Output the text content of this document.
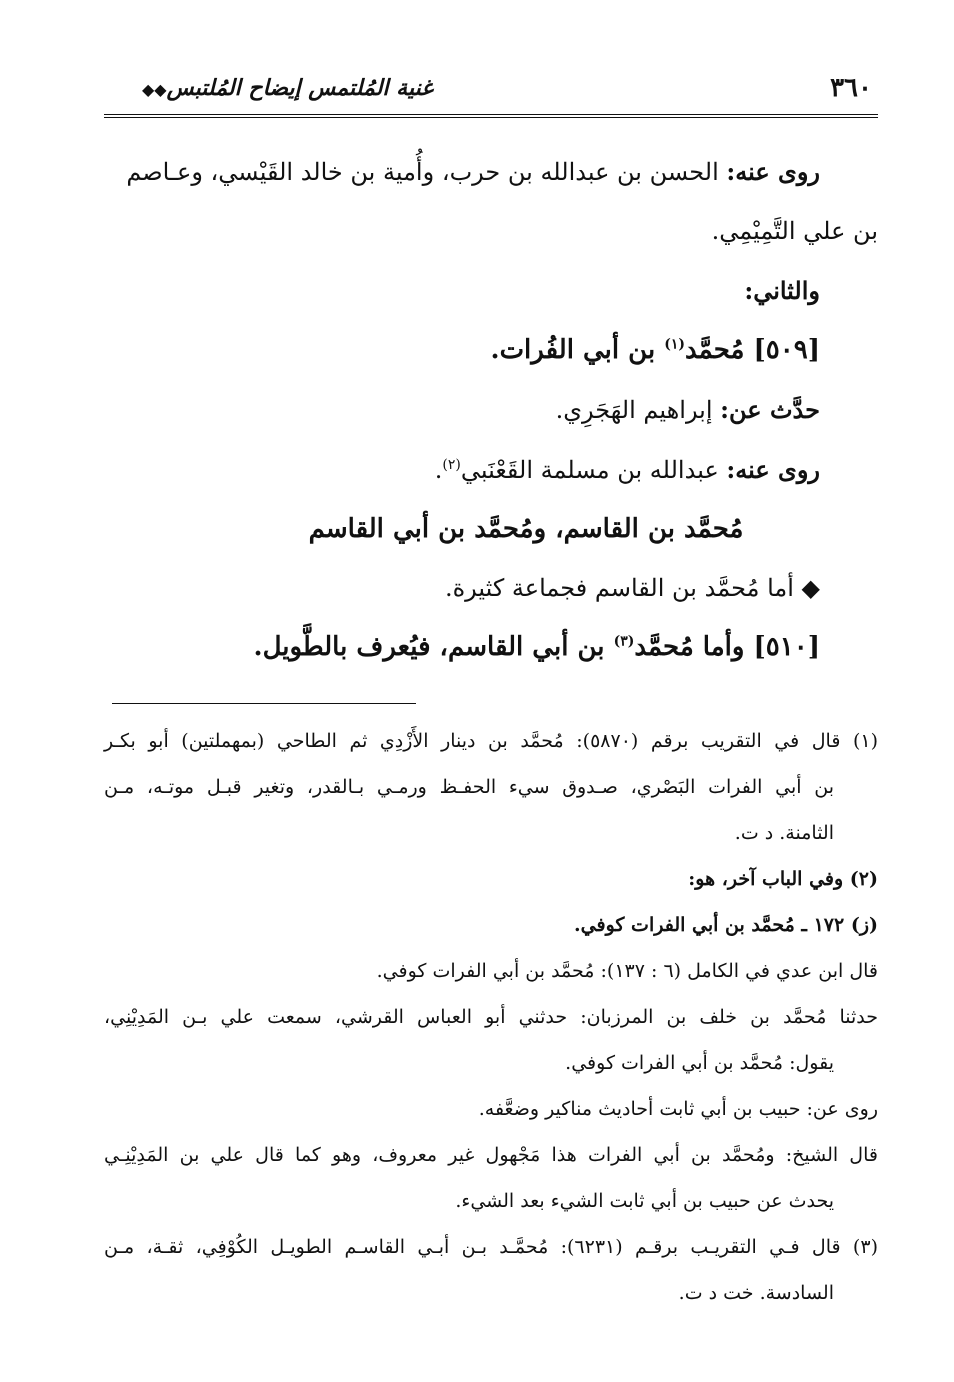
٣٦٠
غنية المُلتمس إيضاح المُلتبس◆◆
روى عنه: الحسن بن عبدالله بن حرب، وأُمية بن خالد القَيْسي، وعـاصم
بن علي التَّمِيْمِي.
والثاني:
[٥٠٩] مُحمَّد$^{(١)}$ بن أبي الفُرات.
حدَّث عن: إبراهيم الهَجَرِي.
روى عنه: عبدالله بن مسلمة القَعْنَبي$^{(٢)}$.
مُحمَّد بن القاسم، ومُحمَّد بن أبي القاسم
◆ أما مُحمَّد بن القاسم فجماعة كثيرة.
[٥١٠] وأما مُحمَّد$^{(٣)}$ بن أبي القاسم، فيُعرف بالطَّويل.
(١) قال في التقريب برقم (٥٨٧٠): مُحمَّد بن دينار الأَزْدِي ثم الطاحي (بمهملتين) أبو بكـر
بن أبي الفرات البَصْري، صـدوق سيء الحفـظ ورمـي بـالقدر، وتغير قبـل موتـه، مـن
الثامنة. د ت.
(٢) وفي الباب آخر، هو:
(ز) ١٧٢ ـ مُحمَّد بن أبي الفرات كوفي.
قال ابن عدي في الكامل (٦ : ١٣٧): مُحمَّد بن أبي الفرات كوفي.
حدثنا مُحمَّد بن خلف بن المرزبان: حدثني أبو العباس القرشي، سمعت علي بـن المَدِيْنِي،
يقول: مُحمَّد بن أبي الفرات كوفي.
روى عن: حبيب بن أبي ثابت أحاديث مناكير وضعَّفه.
قال الشيخ: ومُحمَّد بن أبي الفرات هذا مَجْهول غير معروف، وهو كما قال علي بن المَدِيْنِـي
يحدث عن حبيب بن أبي ثابت الشيء بعد الشيء.
(٣) قال فـي التقريـب برقـم (٦٢٣١): مُحمَّـد بـن أبـي القاسـم الطويـل الكُوْفِي، ثقـة، مـن
السادسة. خت د ت.
